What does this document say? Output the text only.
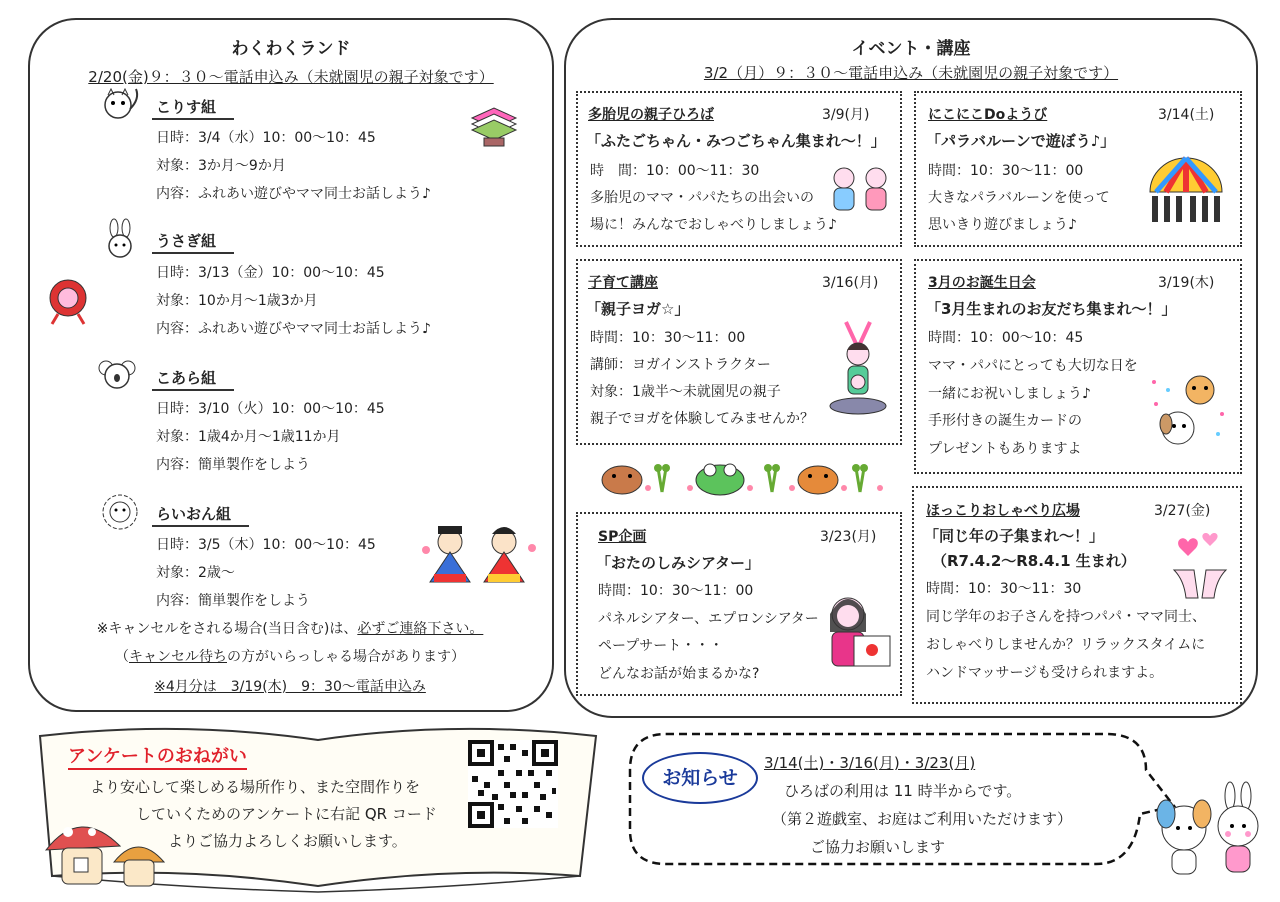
わくわくランド
2/20(金)９：３０～電話申込み（未就園児の親子対象です）
こりす組
日時：3/4（水）10：00～10：45
対象：3か月～9か月
内容：ふれあい遊びやママ同士お話しよう♪
うさぎ組
日時：3/13（金）10：00～10：45
対象：10か月～1歳3か月
内容：ふれあい遊びやママ同士お話しよう♪
こあら組
日時：3/10（火）10：00～10：45
対象：1歳4か月～1歳11か月
内容：簡単製作をしよう
らいおん組
日時：3/5（木）10：00～10：45
対象：2歳～
内容：簡単製作をしよう
※キャンセルをされる場合(当日含む)は、必ずご連絡下さい。
（キャンセル待ちの方がいらっしゃる場合があります）
※4月分は　3/19(木)　9：30～電話申込み
イベント・講座
3/2（月）９：３０～電話申込み（未就園児の親子対象です）
多胎児の親子ひろば	3/9(月)
「ふたごちゃん・みつごちゃん集まれ～！」
時　間：10：00～11：30
多胎児のママ・パパたちの出会いの
場に！みんなでおしゃべりしましょう♪
にこにこDoようび	3/14(土)
「パラバルーンで遊ぼう♪」
時間：10：30～11：00
大きなパラバルーンを使って
思いきり遊びましょう♪
子育て講座	3/16(月)
「親子ヨガ☆」
時間：10：30～11：00
講師：ヨガインストラクター
対象：1歳半～未就園児の親子
親子でヨガを体験してみませんか？
3月のお誕生日会	3/19(木)
「3月生まれのお友だち集まれ～！」
時間：10：00～10：45
ママ・パパにとっても大切な日を
一緒にお祝いしましょう♪
手形付きの誕生カードの
プレゼントもありますよ
SP企画	3/23(月)
「おたのしみシアター」
時間：10：30～11：00
パネルシアター、エプロンシアター
ペープサート・・・
どんなお話が始まるかな?
ほっこりおしゃべり広場	3/27(金)
「同じ年の子集まれ～！」
（R7.4.2～R8.4.1 生まれ）
時間：10：30～11：30
同じ学年のお子さんを持つパパ・ママ同士、
おしゃべりしませんか？リラックスタイムに
ハンドマッサージも受けられますよ。
アンケートのおねがい
より安心して楽しめる場所作り、また空間作りを
していくためのアンケートに右記 QR コード
よりご協力よろしくお願いします。
お知らせ
3/14(土)・3/16(月)・3/23(月)
ひろばの利用は 11 時半からです。
（第２遊戯室、お庭はご利用いただけます）
ご協力お願いします
